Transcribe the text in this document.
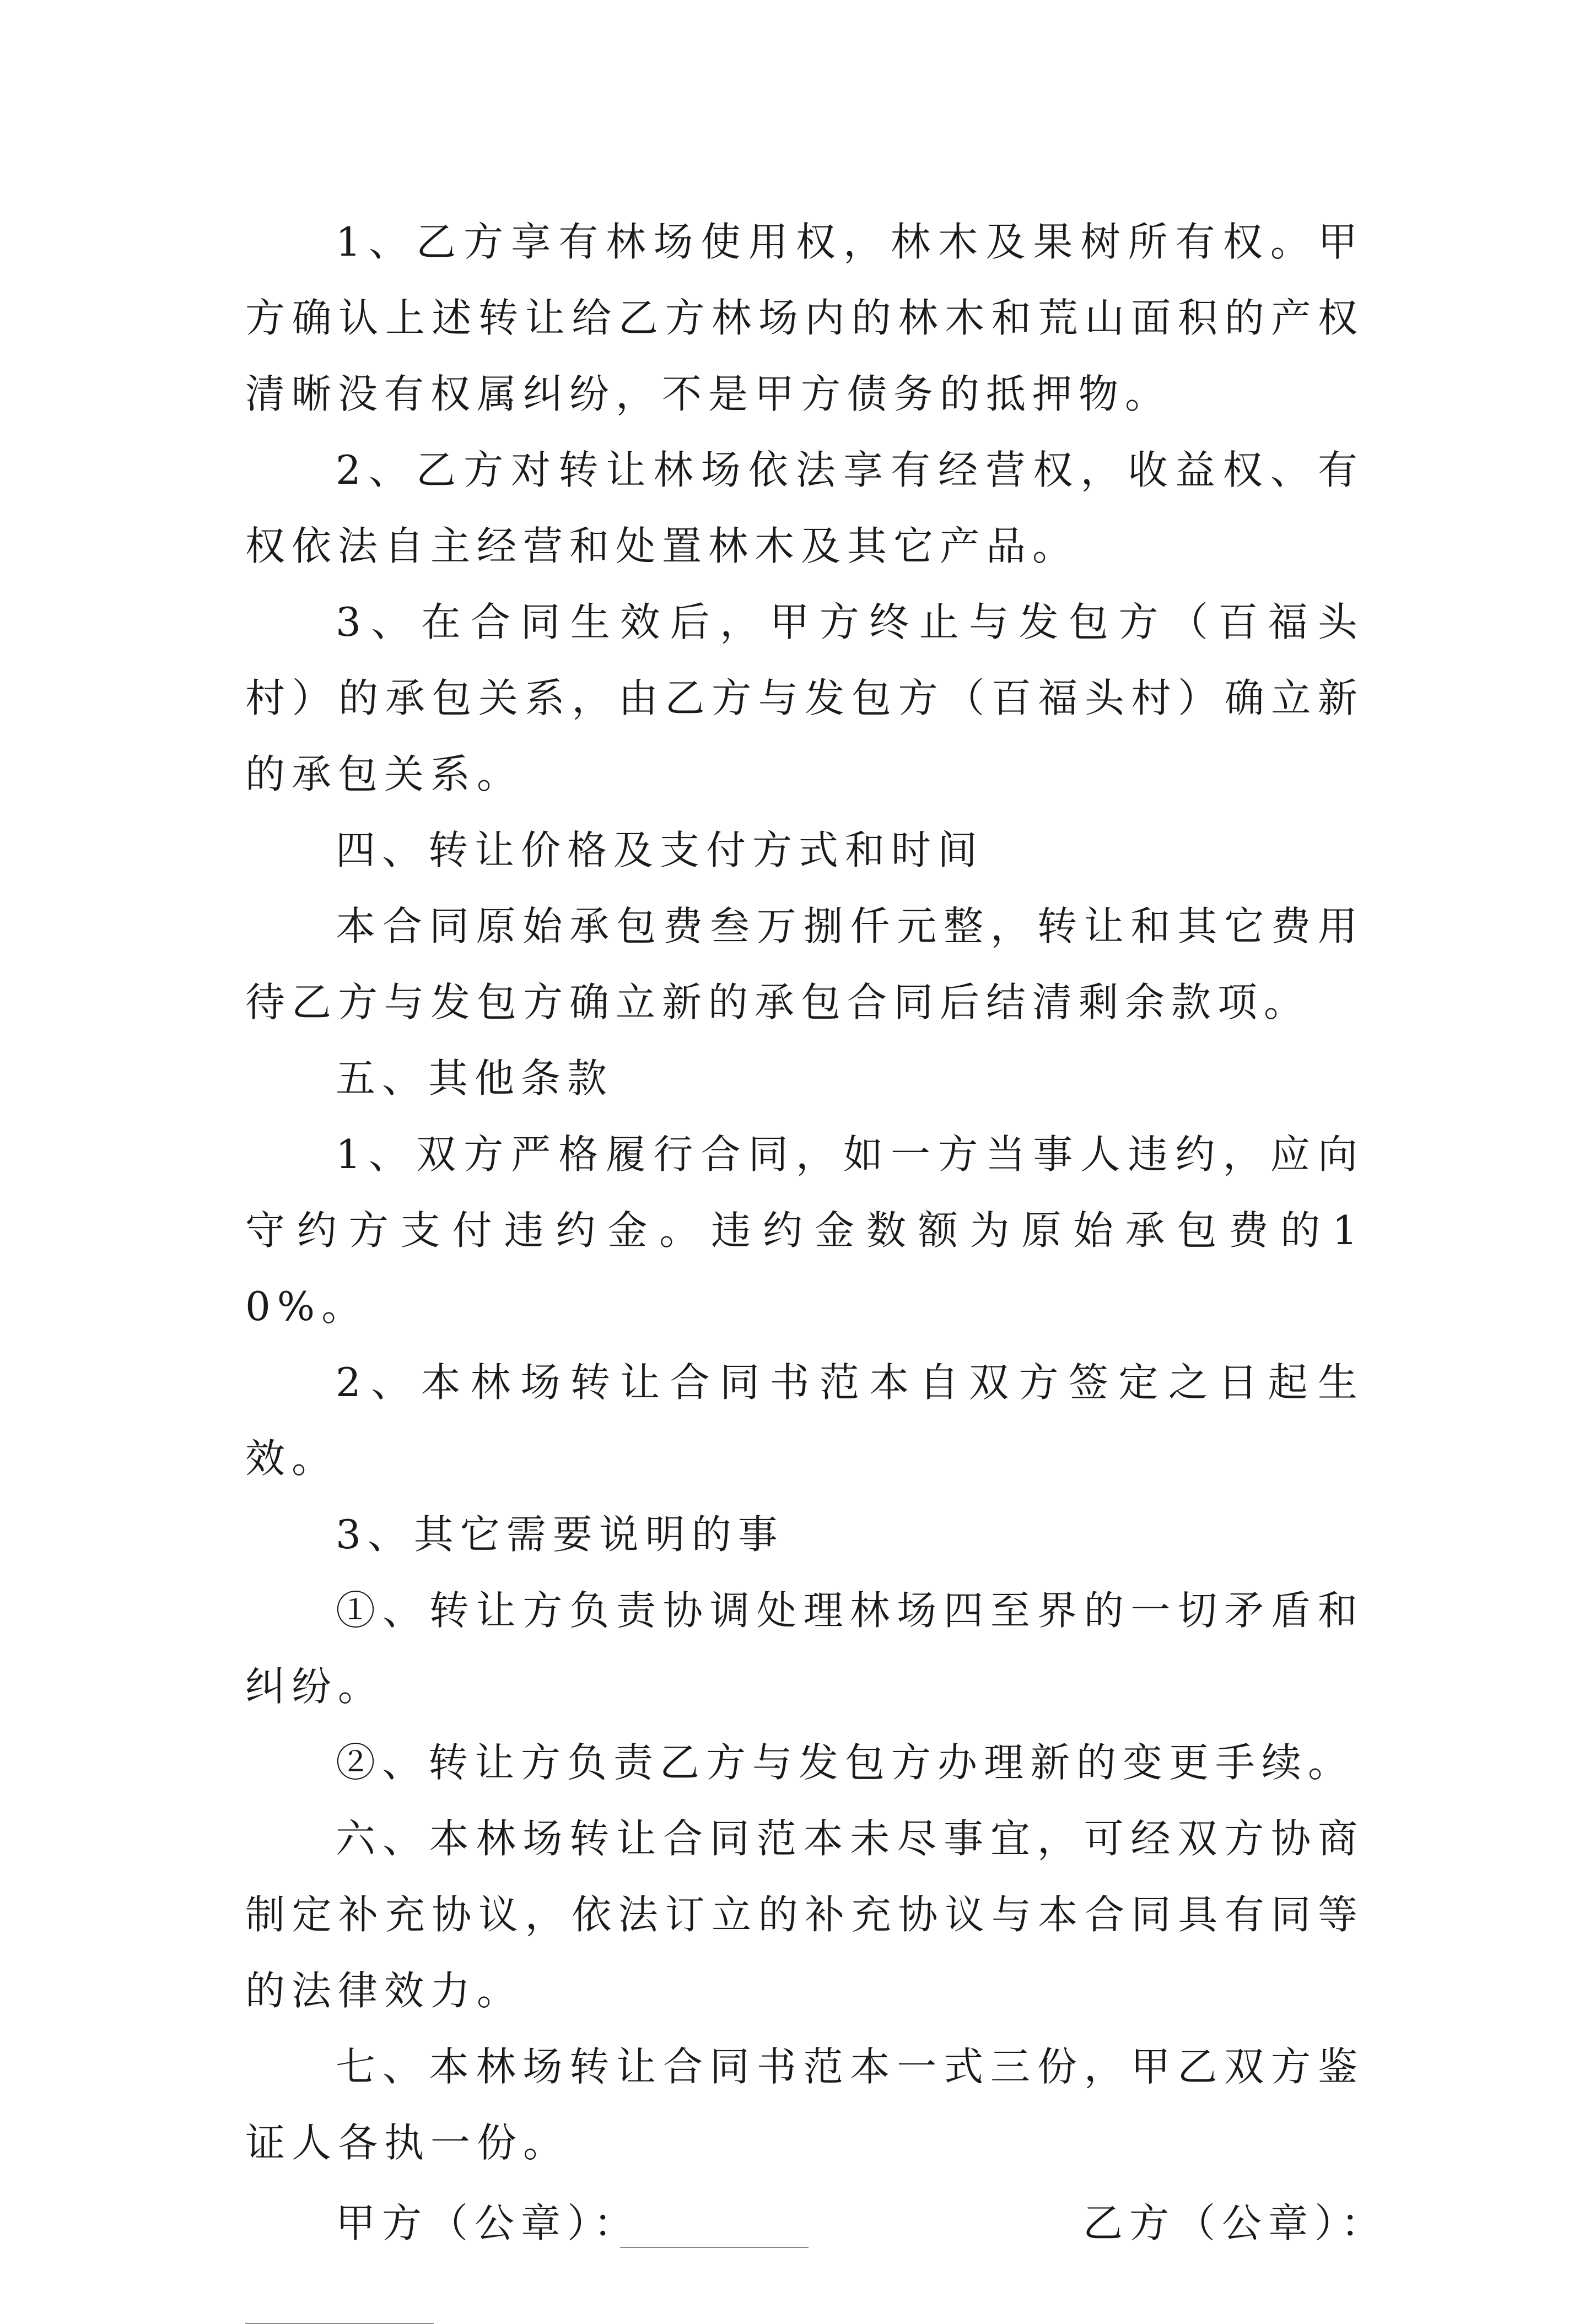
1、乙方享有林场使用权，林木及果树所有权。甲方确认上述转让给乙方林场内的林木和荒山面积的产权清晰没有权属纠纷，不是甲方债务的抵押物。

2、乙方对转让林场依法享有经营权，收益权、有权依法自主经营和处置林木及其它产品。

3、在合同生效后，甲方终止与发包方（百福头村）的承包关系，由乙方与发包方（百福头村）确立新的承包关系。

四、转让价格及支付方式和时间

本合同原始承包费叁万捌仟元整，转让和其它费用待乙方与发包方确立新的承包合同后结清剩余款项。

五、其他条款

1、双方严格履行合同，如一方当事人违约，应向守约方支付违约金。违约金数额为原始承包费的10%。

2、本林场转让合同书范本自双方签定之日起生效。

3、其它需要说明的事

①、转让方负责协调处理林场四至界的一切矛盾和纠纷。

②、转让方负责乙方与发包方办理新的变更手续。

六、本林场转让合同范本未尽事宜，可经双方协商制定补充协议，依法订立的补充协议与本合同具有同等的法律效力。

七、本林场转让合同书范本一式三份，甲乙双方鉴证人各执一份。

甲方（公章）：	乙方（公章）：
